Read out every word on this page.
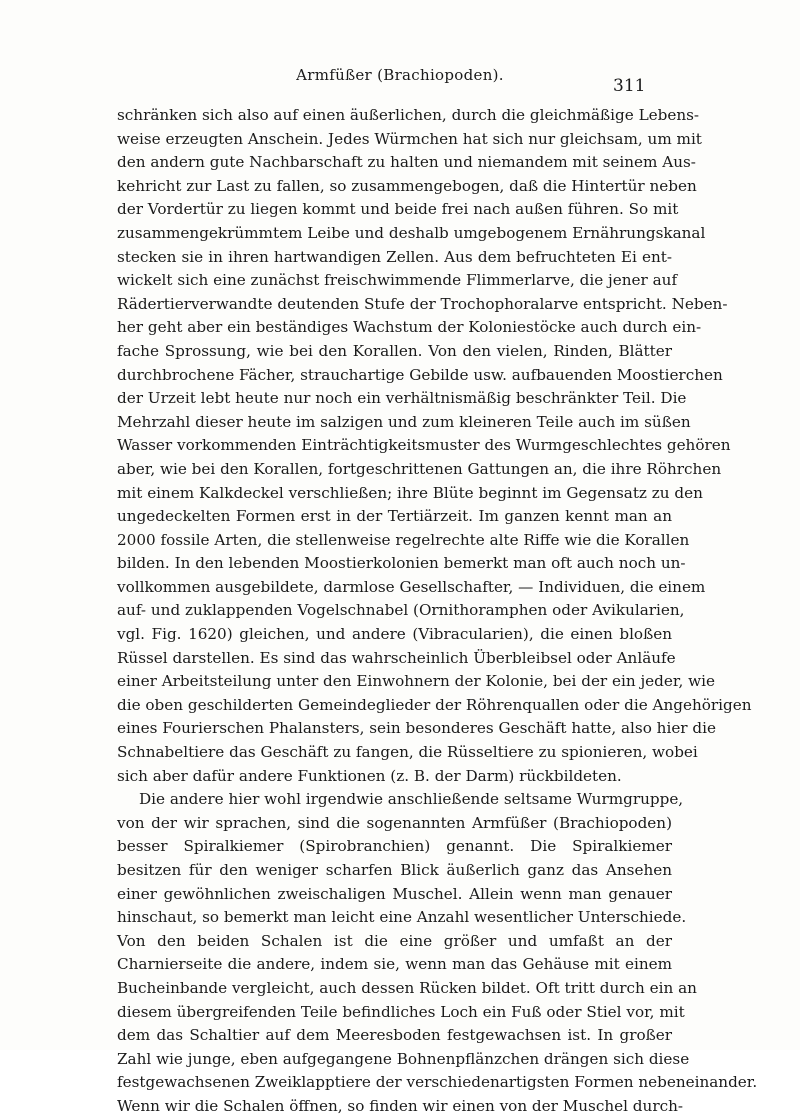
Armfüßer (Brachiopoden).
311
schränken sich also auf einen äußerlichen, durch die gleichmäßige Lebens-
weise erzeugten Anschein. Jedes Würmchen hat sich nur gleichsam, um mit
den andern gute Nachbarschaft zu halten und niemandem mit seinem Aus-
kehricht zur Last zu fallen, so zusammengebogen, daß die Hintertür neben
der Vordertür zu liegen kommt und beide frei nach außen führen. So mit
zusammengekrümmtem Leibe und deshalb umgebogenem Ernährungskanal
stecken sie in ihren hartwandigen Zellen. Aus dem befruchteten Ei ent-
wickelt sich eine zunächst freischwimmende Flimmerlarve, die jener auf
Rädertierverwandte deutenden Stufe der Trochophoralarve entspricht. Neben-
her geht aber ein beständiges Wachstum der Koloniestöcke auch durch ein-
fache Sprossung, wie bei den Korallen. Von den vielen, Rinden, Blätter
durchbrochene Fächer, strauchartige Gebilde usw. aufbauenden Moostierchen
der Urzeit lebt heute nur noch ein verhältnismäßig beschränkter Teil. Die
Mehrzahl dieser heute im salzigen und zum kleineren Teile auch im süßen
Wasser vorkommenden Einträchtigkeitsmuster des Wurmgeschlechtes gehören
aber, wie bei den Korallen, fortgeschrittenen Gattungen an, die ihre Röhrchen
mit einem Kalkdeckel verschließen; ihre Blüte beginnt im Gegensatz zu den
ungedeckelten Formen erst in der Tertiärzeit. Im ganzen kennt man an
2000 fossile Arten, die stellenweise regelrechte alte Riffe wie die Korallen
bilden. In den lebenden Moostierkolonien bemerkt man oft auch noch un-
vollkommen ausgebildete, darmlose Gesellschafter, — Individuen, die einem
auf- und zuklappenden Vogelschnabel (Ornithoramphen oder Avikularien,
vgl. Fig. 1620) gleichen, und andere (Vibracularien), die einen bloßen
Rüssel darstellen. Es sind das wahrscheinlich Überbleibsel oder Anläufe
einer Arbeitsteilung unter den Einwohnern der Kolonie, bei der ein jeder, wie
die oben geschilderten Gemeindeglieder der Röhrenquallen oder die Angehörigen
eines Fourierschen Phalansters, sein besonderes Geschäft hatte, also hier die
Schnabeltiere das Geschäft zu fangen, die Rüsseltiere zu spionieren, wobei
sich aber dafür andere Funktionen (z. B. der Darm) rückbildeten.
Die andere hier wohl irgendwie anschließende seltsame Wurmgruppe,
von der wir sprachen, sind die sogenannten Armfüßer (Brachiopoden)
besser Spiralkiemer (Spirobranchien) genannt. Die Spiralkiemer
besitzen für den weniger scharfen Blick äußerlich ganz das Ansehen
einer gewöhnlichen zweischaligen Muschel. Allein wenn man genauer
hinschaut, so bemerkt man leicht eine Anzahl wesentlicher Unterschiede.
Von den beiden Schalen ist die eine größer und umfaßt an der
Charnierseite die andere, indem sie, wenn man das Gehäuse mit einem
Bucheinbande vergleicht, auch dessen Rücken bildet. Oft tritt durch ein an
diesem übergreifenden Teile befindliches Loch ein Fuß oder Stiel vor, mit
dem das Schaltier auf dem Meeresboden festgewachsen ist. In großer
Zahl wie junge, eben aufgegangene Bohnenpflänzchen drängen sich diese
festgewachsenen Zweiklapptiere der verschiedenartigsten Formen nebeneinander.
Wenn wir die Schalen öffnen, so finden wir einen von der Muschel durch-
